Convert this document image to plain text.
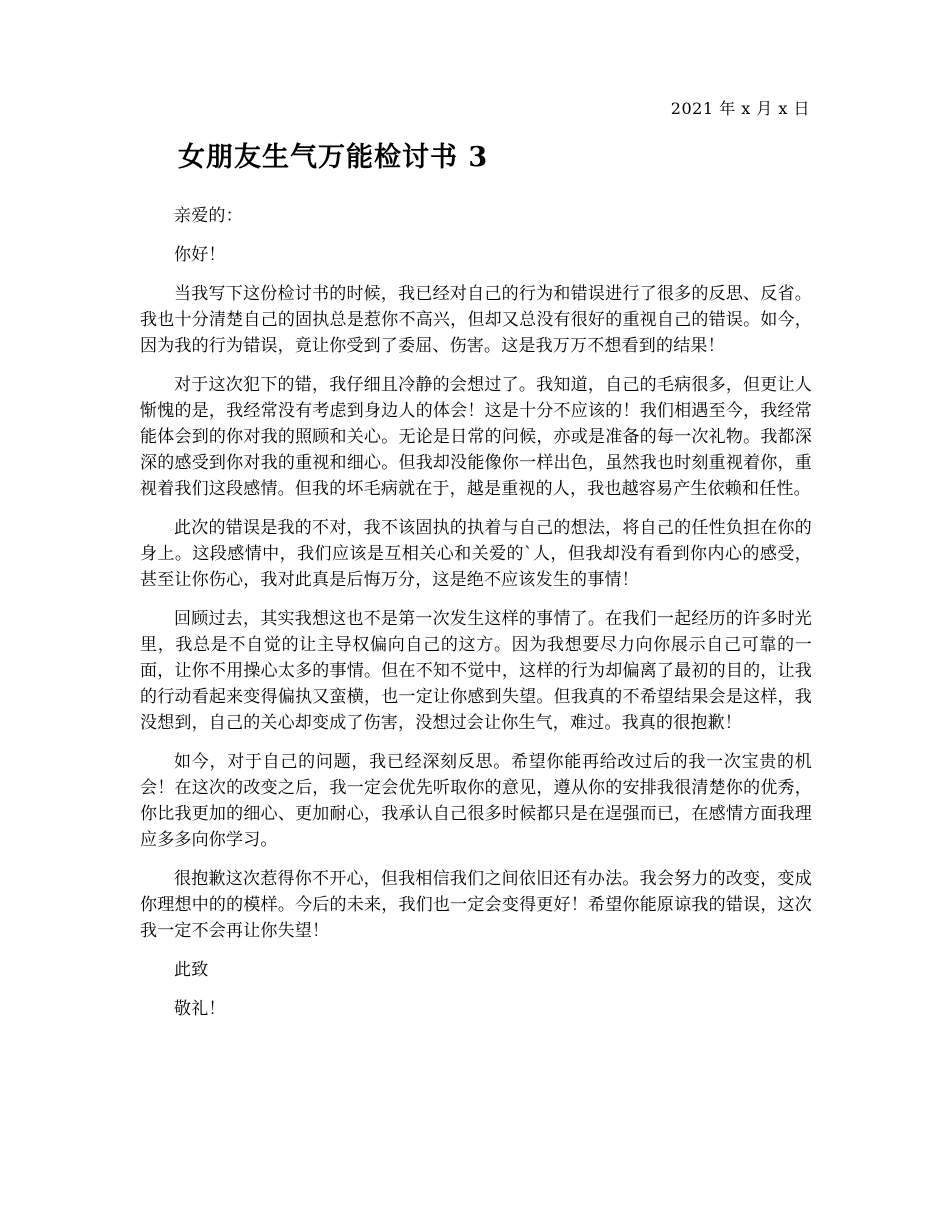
2021 年 x 月 x 日
女朋友生气万能检讨书 3

亲爱的：

你好！

当我写下这份检讨书的时候，我已经对自己的行为和错误进行了很多的反思、反省。我也十分清楚自己的固执总是惹你不高兴，但却又总没有很好的重视自己的错误。如今，因为我的行为错误，竟让你受到了委屈、伤害。这是我万万不想看到的结果！

对于这次犯下的错，我仔细且冷静的会想过了。我知道，自己的毛病很多，但更让人惭愧的是，我经常没有考虑到身边人的体会！这是十分不应该的！我们相遇至今，我经常能体会到的你对我的照顾和关心。无论是日常的问候，亦或是准备的每一次礼物。我都深深的感受到你对我的重视和细心。但我却没能像你一样出色，虽然我也时刻重视着你，重视着我们这段感情。但我的坏毛病就在于，越是重视的人，我也越容易产生依赖和任性。

此次的错误是我的不对，我不该固执的执着与自己的想法，将自己的任性负担在你的身上。这段感情中，我们应该是互相关心和关爱的`人，但我却没有看到你内心的感受，甚至让你伤心，我对此真是后悔万分，这是绝不应该发生的事情！

回顾过去，其实我想这也不是第一次发生这样的事情了。在我们一起经历的许多时光里，我总是不自觉的让主导权偏向自己的这方。因为我想要尽力向你展示自己可靠的一面，让你不用操心太多的事情。但在不知不觉中，这样的行为却偏离了最初的目的，让我的行动看起来变得偏执又蛮横，也一定让你感到失望。但我真的不希望结果会是这样，我没想到，自己的关心却变成了伤害，没想过会让你生气，难过。我真的很抱歉！

如今，对于自己的问题，我已经深刻反思。希望你能再给改过后的我一次宝贵的机会！在这次的改变之后，我一定会优先听取你的意见，遵从你的安排我很清楚你的优秀，你比我更加的细心、更加耐心，我承认自己很多时候都只是在逞强而已，在感情方面我理应多多向你学习。

很抱歉这次惹得你不开心，但我相信我们之间依旧还有办法。我会努力的改变，变成你理想中的的模样。今后的未来，我们也一定会变得更好！希望你能原谅我的错误，这次我一定不会再让你失望！

此致

敬礼！
